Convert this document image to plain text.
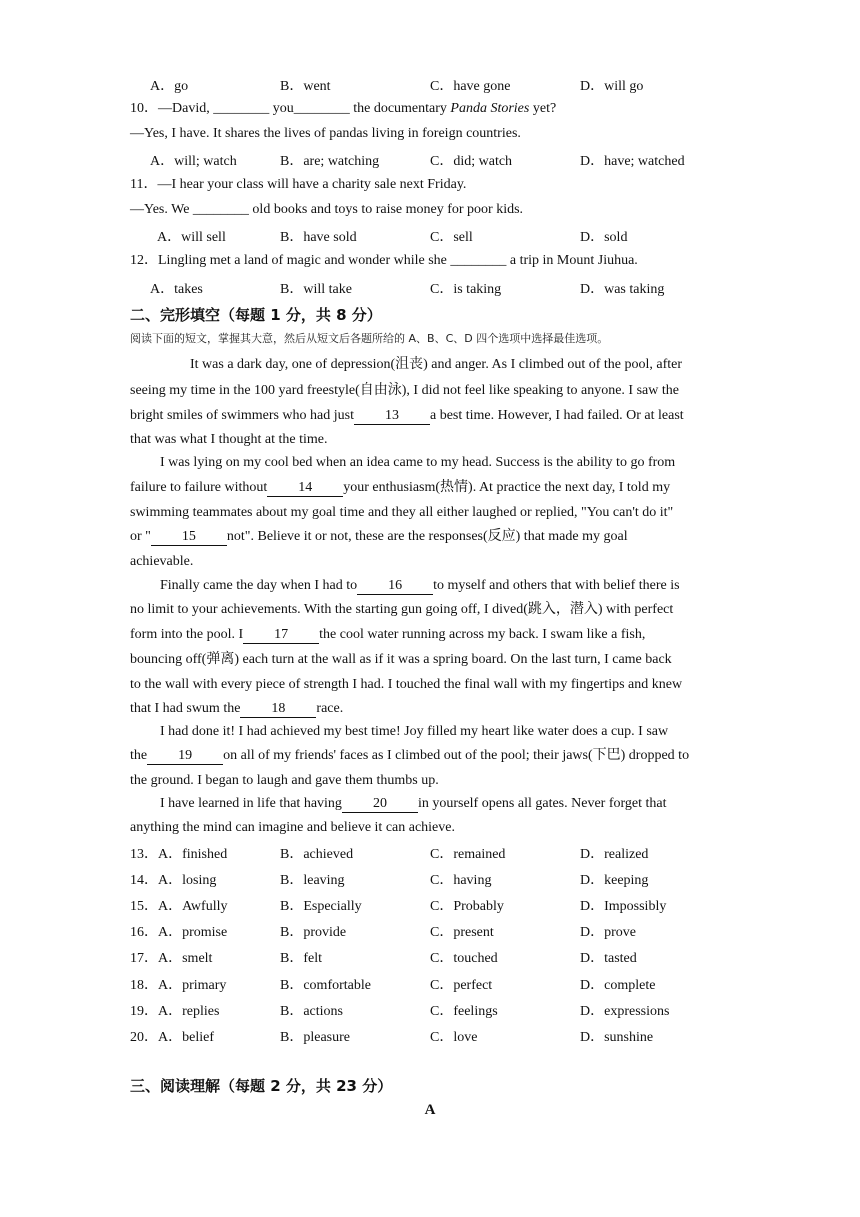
A．go	B．went	C．have gone	D．will go
10．—David, ________ you________ the documentary Panda Stories yet?
—Yes, I have. It shares the lives of pandas living in foreign countries.
A．will; watch	B．are; watching	C．did; watch	D．have; watched
11．—I hear your class will have a charity sale next Friday.
—Yes. We ________ old books and toys to raise money for poor kids.
A．will sell	B．have sold	C．sell	D．sold
12．Lingling met a land of magic and wonder while she ________ a trip in Mount Jiuhua.
A．takes	B．will take	C．is taking	D．was taking
二、完形填空（每题 1 分，共 8 分）
阅读下面的短文，掌握其大意，然后从短文后各题所给的 A、B、C、D 四个选项中选择最佳选项。
It was a dark day, one of depression(沮丧) and anger. As I climbed out of the pool, after
seeing my time in the 100 yard freestyle(自由泳), I did not feel like speaking to anyone. I saw the
bright smiles of swimmers who had just 13 a best time. However, I had failed. Or at least
that was what I thought at the time.
I was lying on my cool bed when an idea came to my head. Success is the ability to go from
failure to failure without 14 your enthusiasm(热情). At practice the next day, I told my
swimming teammates about my goal time and they all either laughed or replied, "You can't do it"
or " 15 not". Believe it or not, these are the responses(反应) that made my goal
achievable.
Finally came the day when I had to 16 to myself and others that with belief there is
no limit to your achievements. With the starting gun going off, I dived(跳入，潜入) with perfect
form into the pool. I 17 the cool water running across my back. I swam like a fish,
bouncing off(弹离) each turn at the wall as if it was a spring board. On the last turn, I came back
to the wall with every piece of strength I had. I touched the final wall with my fingertips and knew
that I had swum the 18 race.
I had done it! I had achieved my best time! Joy filled my heart like water does a cup. I saw
the 19 on all of my friends' faces as I climbed out of the pool; their jaws(下巴) dropped to
the ground. I began to laugh and gave them thumbs up.
I have learned in life that having 20 in yourself opens all gates. Never forget that
anything the mind can imagine and believe it can achieve.
13．A．finished	B．achieved	C．remained	D．realized
14．A．losing	B．leaving	C．having	D．keeping
15．A．Awfully	B．Especially	C．Probably	D．Impossibly
16．A．promise	B．provide	C．present	D．prove
17．A．smelt	B．felt	C．touched	D．tasted
18．A．primary	B．comfortable	C．perfect	D．complete
19．A．replies	B．actions	C．feelings	D．expressions
20．A．belief	B．pleasure	C．love	D．sunshine
三、阅读理解（每题 2 分，共 23 分）
A
